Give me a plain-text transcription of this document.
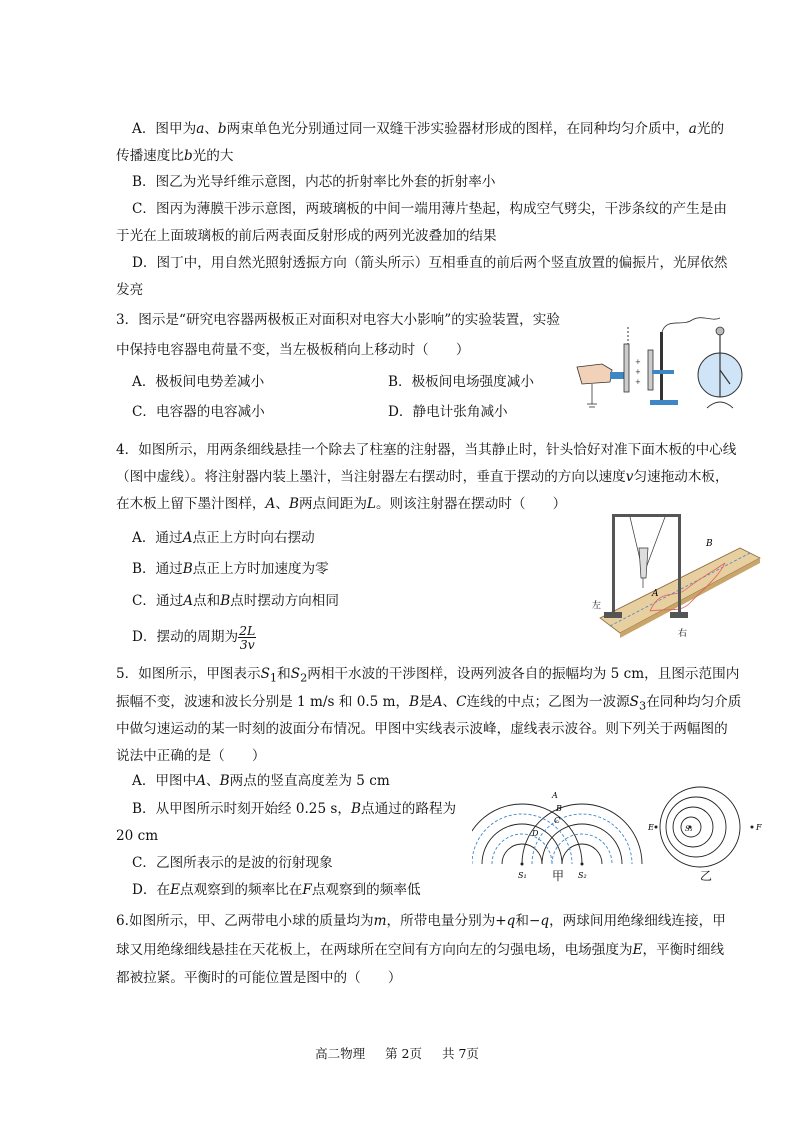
A．图甲为a、b两束单色光分别通过同一双缝干涉实验器材形成的图样，在同种均匀介质中，a光的
传播速度比b光的大
B．图乙为光导纤维示意图，内芯的折射率比外套的折射率小
C．图丙为薄膜干涉示意图，两玻璃板的中间一端用薄片垫起，构成空气劈尖，干涉条纹的产生是由
于光在上面玻璃板的前后两表面反射形成的两列光波叠加的结果
D．图丁中，用自然光照射透振方向（箭头所示）互相垂直的前后两个竖直放置的偏振片，光屏依然
发亮
3．图示是“研究电容器两极板正对面积对电容大小影响”的实验装置，实验
中保持电容器电荷量不变，当左极板稍向上移动时（　　）
A．极板间电势差减小	B．极板间电场强度减小
C．电容器的电容减小	D．静电计张角减小
+
+
+
4．如图所示，用两条细线悬挂一个除去了柱塞的注射器，当其静止时，针头恰好对准下面木板的中心线
（图中虚线）。将注射器内装上墨汁，当注射器左右摆动时，垂直于摆动的方向以速度v匀速拖动木板，
在木板上留下墨汁图样，A、B两点间距为L。则该注射器在摆动时（　　）
A．通过A点正上方时向右摆动
B．通过B点正上方时加速度为零
C．通过A点和B点时摆动方向相同
D．摆动的周期为 $\frac{2L}{3v}$
左
右
A
B
5．如图所示，甲图表示$S_1$和$S_2$两相干水波的干涉图样，设两列波各自的振幅均为 5 cm，且图示范围内
振幅不变，波速和波长分别是 1 m/s 和 0.5 m，B是A、C连线的中点；乙图为一波源$S_3$在同种均匀介质
中做匀速运动的某一时刻的波面分布情况。甲图中实线表示波峰，虚线表示波谷。则下列关于两幅图的
说法中正确的是（　　）
A．甲图中A、B两点的竖直高度差为 5 cm
B．从甲图所示时刻开始经 0.25 s，B点通过的路程为
20 cm
C．乙图所表示的是波的衍射现象
D．在E点观察到的频率比在F点观察到的频率低
S₁	S₂
A
B
C
D
甲
E	F
S₃
乙
6.如图所示，甲、乙两带电小球的质量均为m，所带电量分别为+q和−q，两球间用绝缘细线连接，甲
球又用绝缘细线悬挂在天花板上，在两球所在空间有方向向左的匀强电场，电场强度为E，平衡时细线
都被拉紧。平衡时的可能位置是图中的（　　）
高二物理 第 2页 共 7页
